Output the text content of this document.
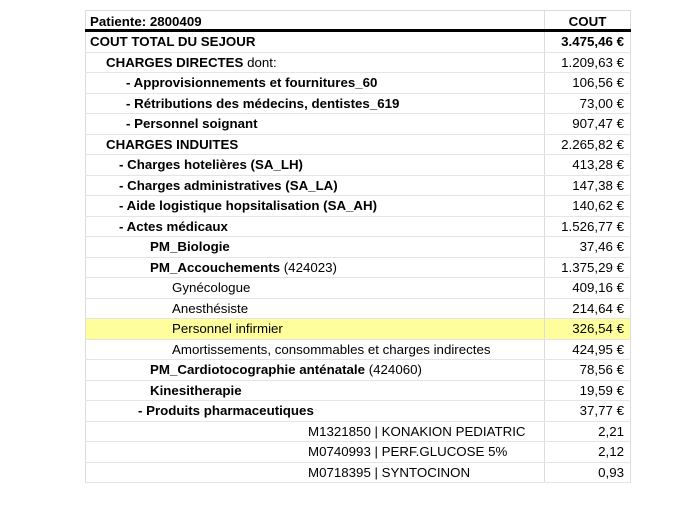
Patiente: 2800409	COUT
COUT TOTAL DU SEJOUR	3.475,46 €
CHARGES DIRECTES dont:	1.209,63 €
- Approvisionnements et fournitures_60	106,56 €
- Rétributions des médecins, dentistes_619	73,00 €
- Personnel soignant	907,47 €
CHARGES INDUITES	2.265,82 €
- Charges hotelières (SA_LH)	413,28 €
- Charges administratives (SA_LA)	147,38 €
- Aide logistique hopsitalisation (SA_AH)	140,62 €
- Actes médicaux	1.526,77 €
PM_Biologie	37,46 €
PM_Accouchements (424023)	1.375,29 €
Gynécologue	409,16 €
Anesthésiste	214,64 €
Personnel infirmier	326,54 €
Amortissements, consommables et charges indirectes	424,95 €
PM_Cardiotocographie anténatale (424060)	78,56 €
Kinesitherapie	19,59 €
- Produits pharmaceutiques	37,77 €
M1321850 | KONAKION PEDIATRIC	2,21
M0740993 | PERF.GLUCOSE 5%	2,12
M0718395 | SYNTOCINON	0,93
